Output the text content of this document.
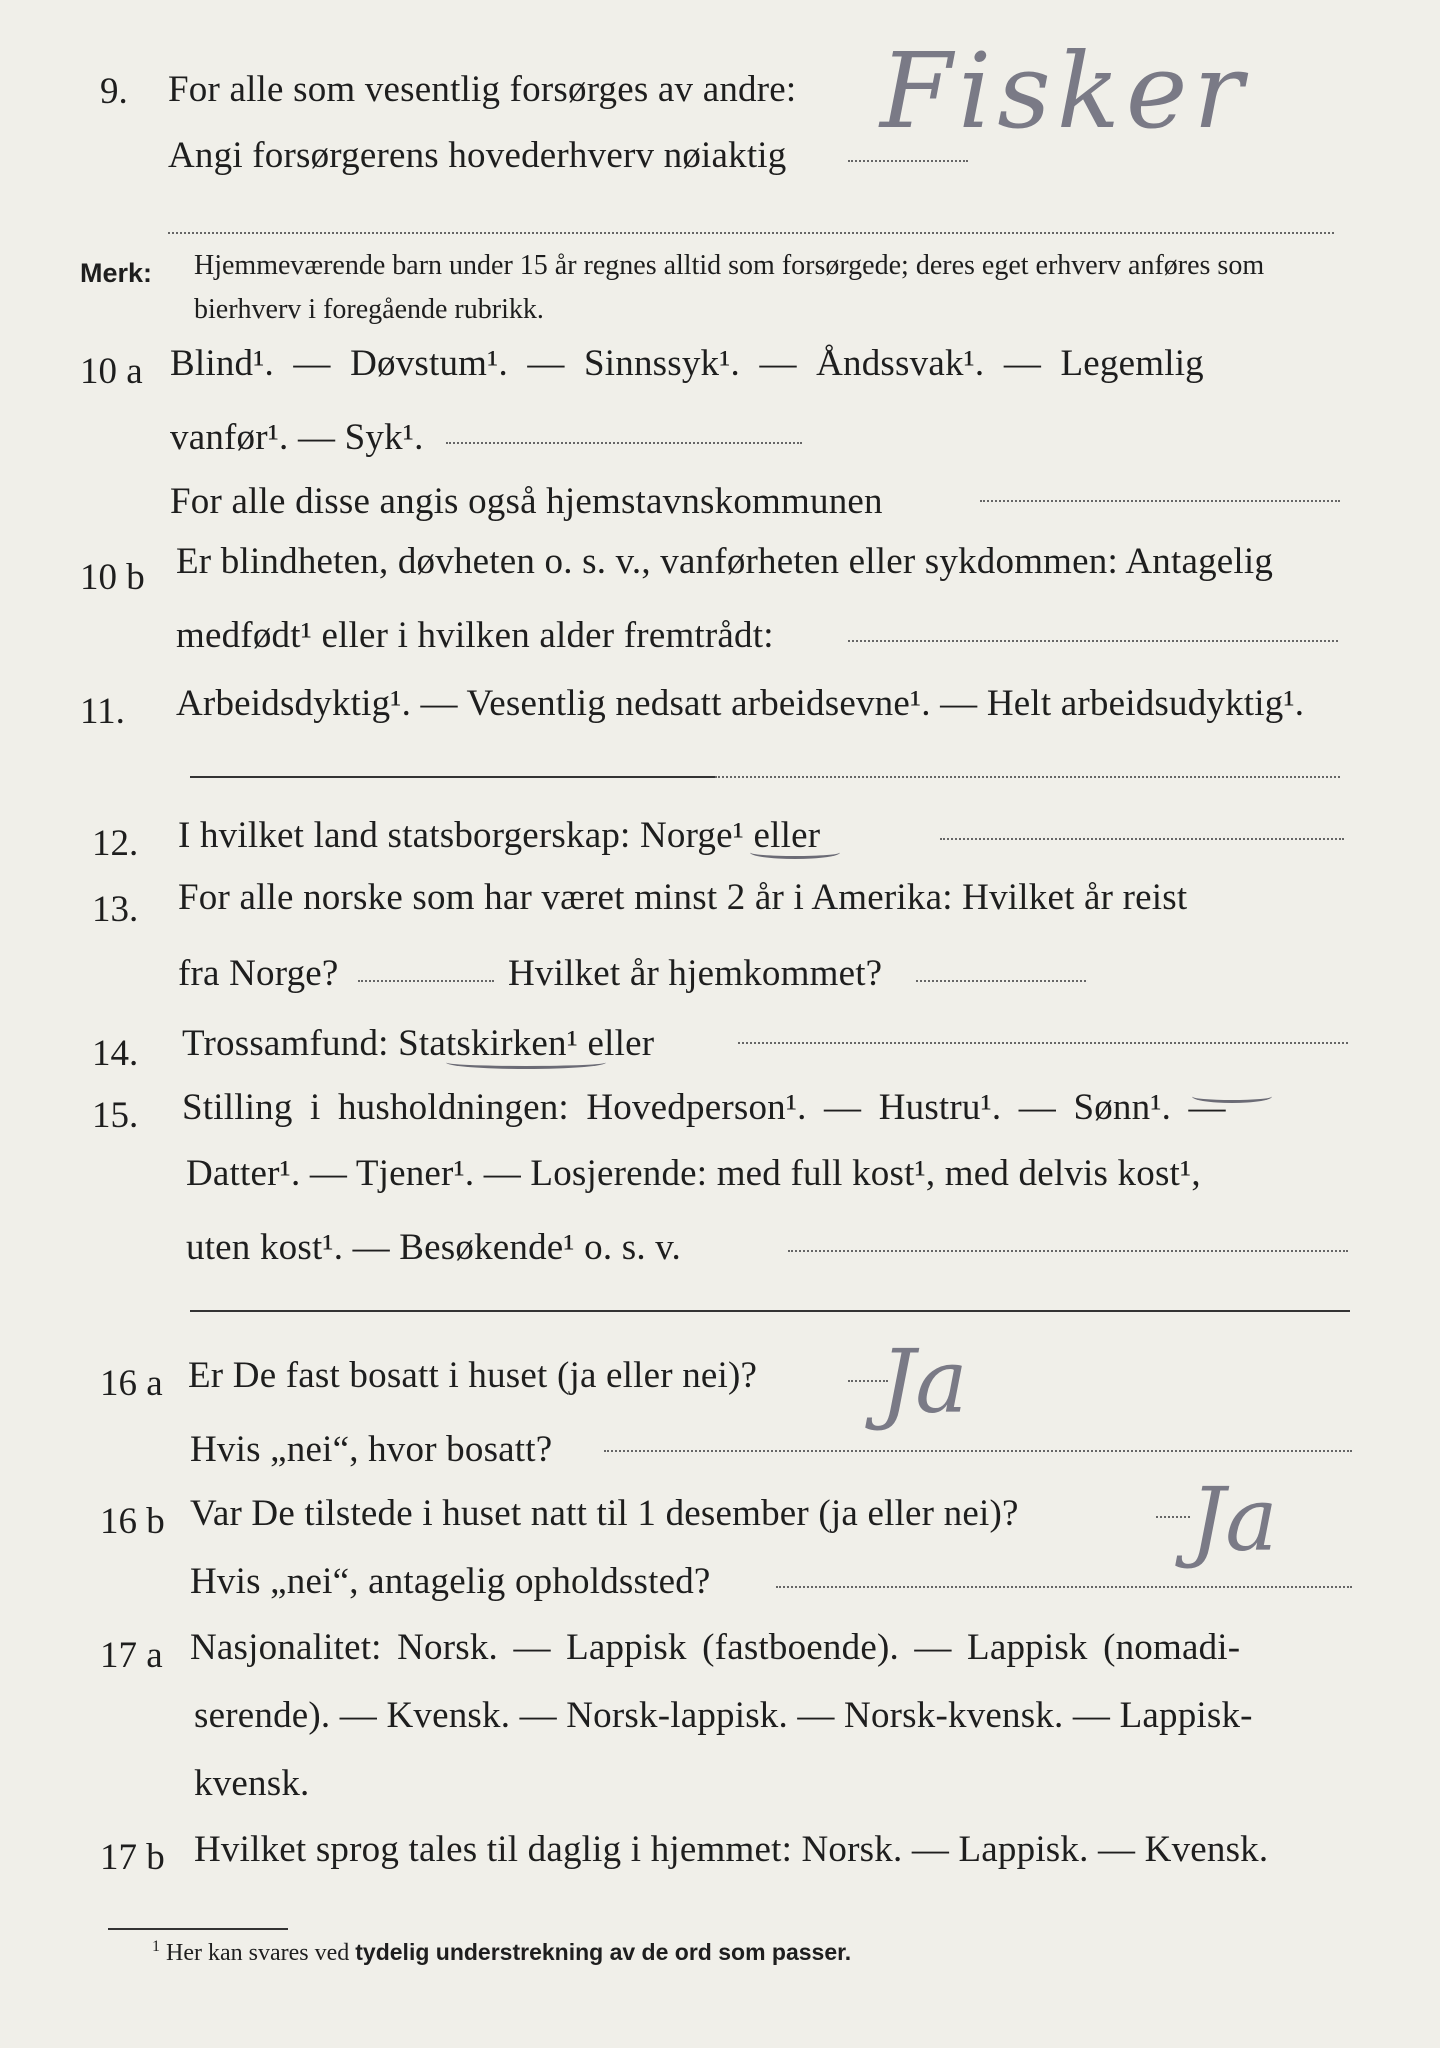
9. For alle som vesentlig forsørges av andre:
Angi forsørgerens hovederhverv nøiaktig
Fisker
Merk: Hjemmeværende barn under 15 år regnes alltid som forsørgede; deres eget erhverv anføres som bierhverv i foregående rubrikk.
10 a Blind¹. — Døvstum¹. — Sinnssyk¹. — Åndssvak¹. — Legemlig
vanfør¹. — Syk¹.
For alle disse angis også hjemstavnskommunen
10 b Er blindheten, døvheten o. s. v., vanførheten eller sykdommen: Antagelig
medfødt¹ eller i hvilken alder fremtrådt:
11. Arbeidsdyktig¹. — Vesentlig nedsatt arbeidsevne¹. — Helt arbeidsudyktig¹.
12. I hvilket land statsborgerskap: Norge¹ eller
13. For alle norske som har været minst 2 år i Amerika: Hvilket år reist
fra Norge?	Hvilket år hjemkommet?
14. Trossamfund: Statskirken¹ eller
15. Stilling i husholdningen: Hovedperson¹. — Hustru¹. — Sønn¹. —
Datter¹. — Tjener¹. — Losjerende: med full kost¹, med delvis kost¹,
uten kost¹. — Besøkende¹ o. s. v.
16 a Er De fast bosatt i huset (ja eller nei)? Ja
Hvis „nei“, hvor bosatt?
16 b Var De tilstede i huset natt til 1 desember (ja eller nei)? Ja
Hvis „nei“, antagelig opholdssted?
17 a Nasjonalitet: Norsk. — Lappisk (fastboende). — Lappisk (nomadi-
serende). — Kvensk. — Norsk-lappisk. — Norsk-kvensk. — Lappisk-
kvensk.
17 b Hvilket sprog tales til daglig i hjemmet: Norsk. — Lappisk. — Kvensk.
$^1$ Her kan svares ved tydelig understrekning av de ord som passer.
